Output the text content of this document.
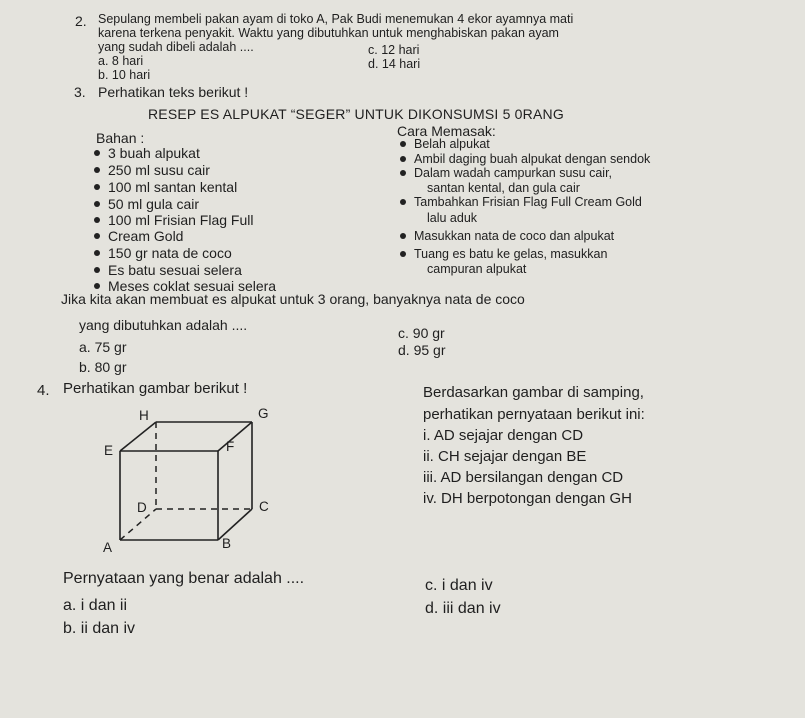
2. Sepulang membeli pakan ayam di toko A, Pak Budi menemukan 4 ekor ayamnya mati
karena terkena penyakit. Waktu yang dibutuhkan untuk menghabiskan pakan ayam
yang sudah dibeli adalah ....
a. 8 hari
b. 10 hari
c. 12 hari
d. 14 hari
3. Perhatikan teks berikut !
RESEP ES ALPUKAT “SEGER” UNTUK DIKONSUMSI 5 0RANG
Bahan :
3 buah alpukat
250 ml susu cair
100 ml santan kental
50 ml gula cair
100 ml Frisian Flag Full
Cream Gold
150 gr nata de coco
Es batu sesuai selera
Meses coklat sesuai selera
Cara Memasak:
Belah alpukat
Ambil daging buah alpukat dengan sendok
Dalam wadah campurkan susu cair,
santan kental, dan gula cair
Tambahkan Frisian Flag Full Cream Gold
lalu aduk
Masukkan nata de coco dan alpukat
Tuang es batu ke gelas, masukkan
campuran alpukat
Jika kita akan membuat es alpukat untuk 3 orang, banyaknya nata de coco
yang dibutuhkan adalah ....
a. 75 gr
b. 80 gr
c. 90 gr
d. 95 gr
4. Perhatikan gambar berikut !
H	G
E	F
D	C
A	B
Berdasarkan gambar di samping,
perhatikan pernyataan berikut ini:
i. AD sejajar dengan CD
ii. CH sejajar dengan BE
iii. AD bersilangan dengan CD
iv. DH berpotongan dengan GH
Pernyataan yang benar adalah ....
a. i dan ii
b. ii dan iv
c. i dan iv
d. iii dan iv
